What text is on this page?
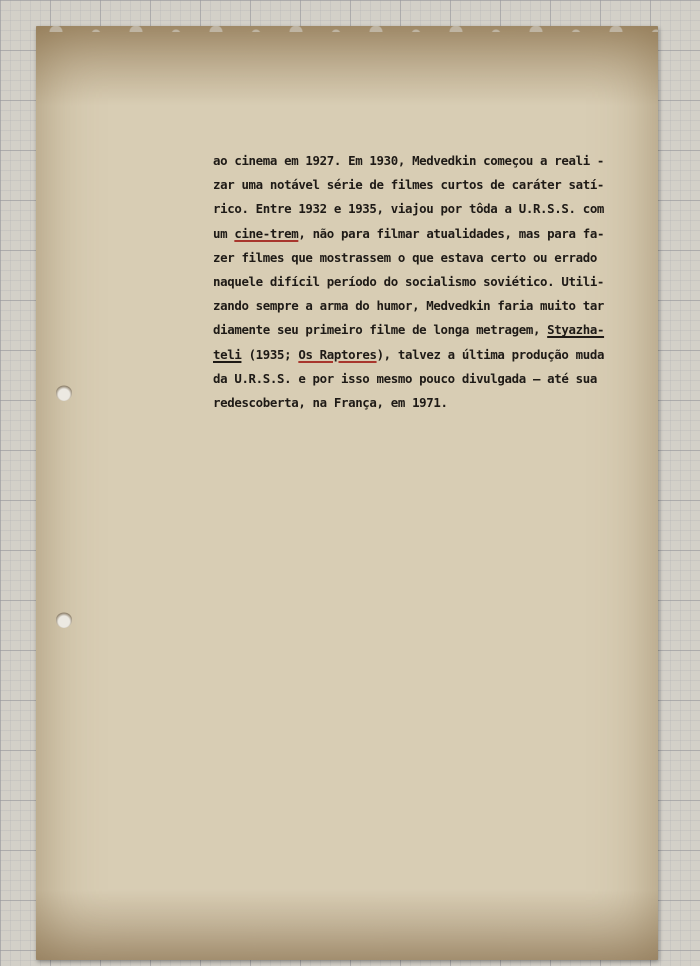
ao cinema em 1927. Em 1930, Medvedkin começou a reali -
zar uma notável série de filmes curtos de caráter satí-
rico. Entre 1932 e 1935, viajou por tôda a U.R.S.S. com
um cine-trem, não para filmar atualidades, mas para fa-
zer filmes que mostrassem o que estava certo ou errado
naquele difícil período do socialismo soviético. Utili-
zando sempre a arma do humor, Medvedkin faria muito tar
diamente seu primeiro filme de longa metragem, Styazha-
teli (1935; Os Raptores), talvez a última produção muda
da U.R.S.S. e por isso mesmo pouco divulgada — até sua
redescoberta, na França, em 1971.
